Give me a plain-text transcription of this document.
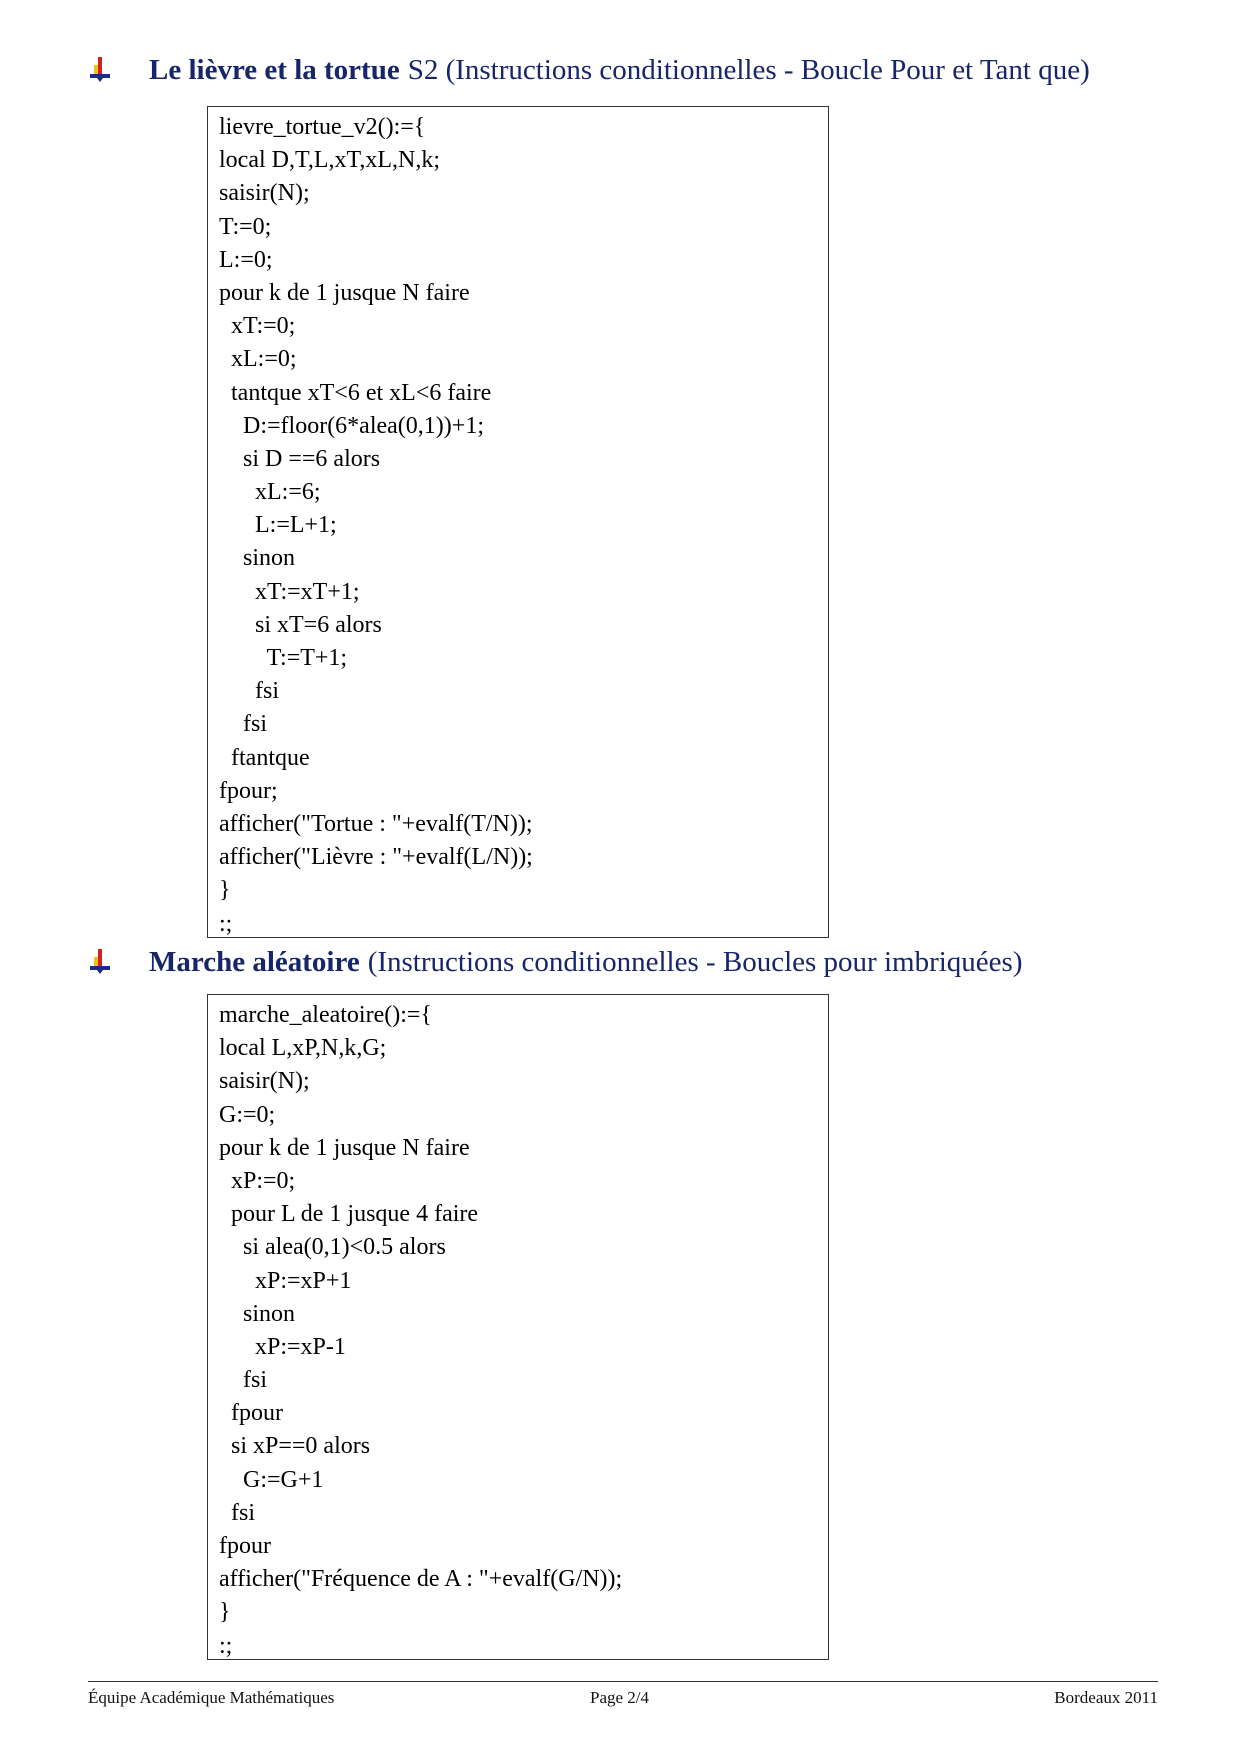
Le lièvre et la tortue S2 (Instructions conditionnelles - Boucle Pour et Tant que)
lievre_tortue_v2():={
local D,T,L,xT,xL,N,k;
saisir(N);
T:=0;
L:=0;
pour k de 1 jusque N faire
xT:=0;
xL:=0;
tantque xT<6 et xL<6 faire
D:=floor(6*alea(0,1))+1;
si D ==6 alors
xL:=6;
L:=L+1;
sinon
xT:=xT+1;
si xT=6 alors
T:=T+1;
fsi
fsi
ftantque
fpour;
afficher("Tortue : "+evalf(T/N));
afficher("Lièvre : "+evalf(L/N));
}
:;
Marche aléatoire (Instructions conditionnelles - Boucles pour imbriquées)
marche_aleatoire():={
local L,xP,N,k,G;
saisir(N);
G:=0;
pour k de 1 jusque N faire
xP:=0;
pour L de 1 jusque 4 faire
si alea(0,1)<0.5 alors
xP:=xP+1
sinon
xP:=xP-1
fsi
fpour
si xP==0 alors
G:=G+1
fsi
fpour
afficher("Fréquence de A : "+evalf(G/N));
}
:;
Équipe Académique Mathématiques	Page 2/4	Bordeaux 2011
